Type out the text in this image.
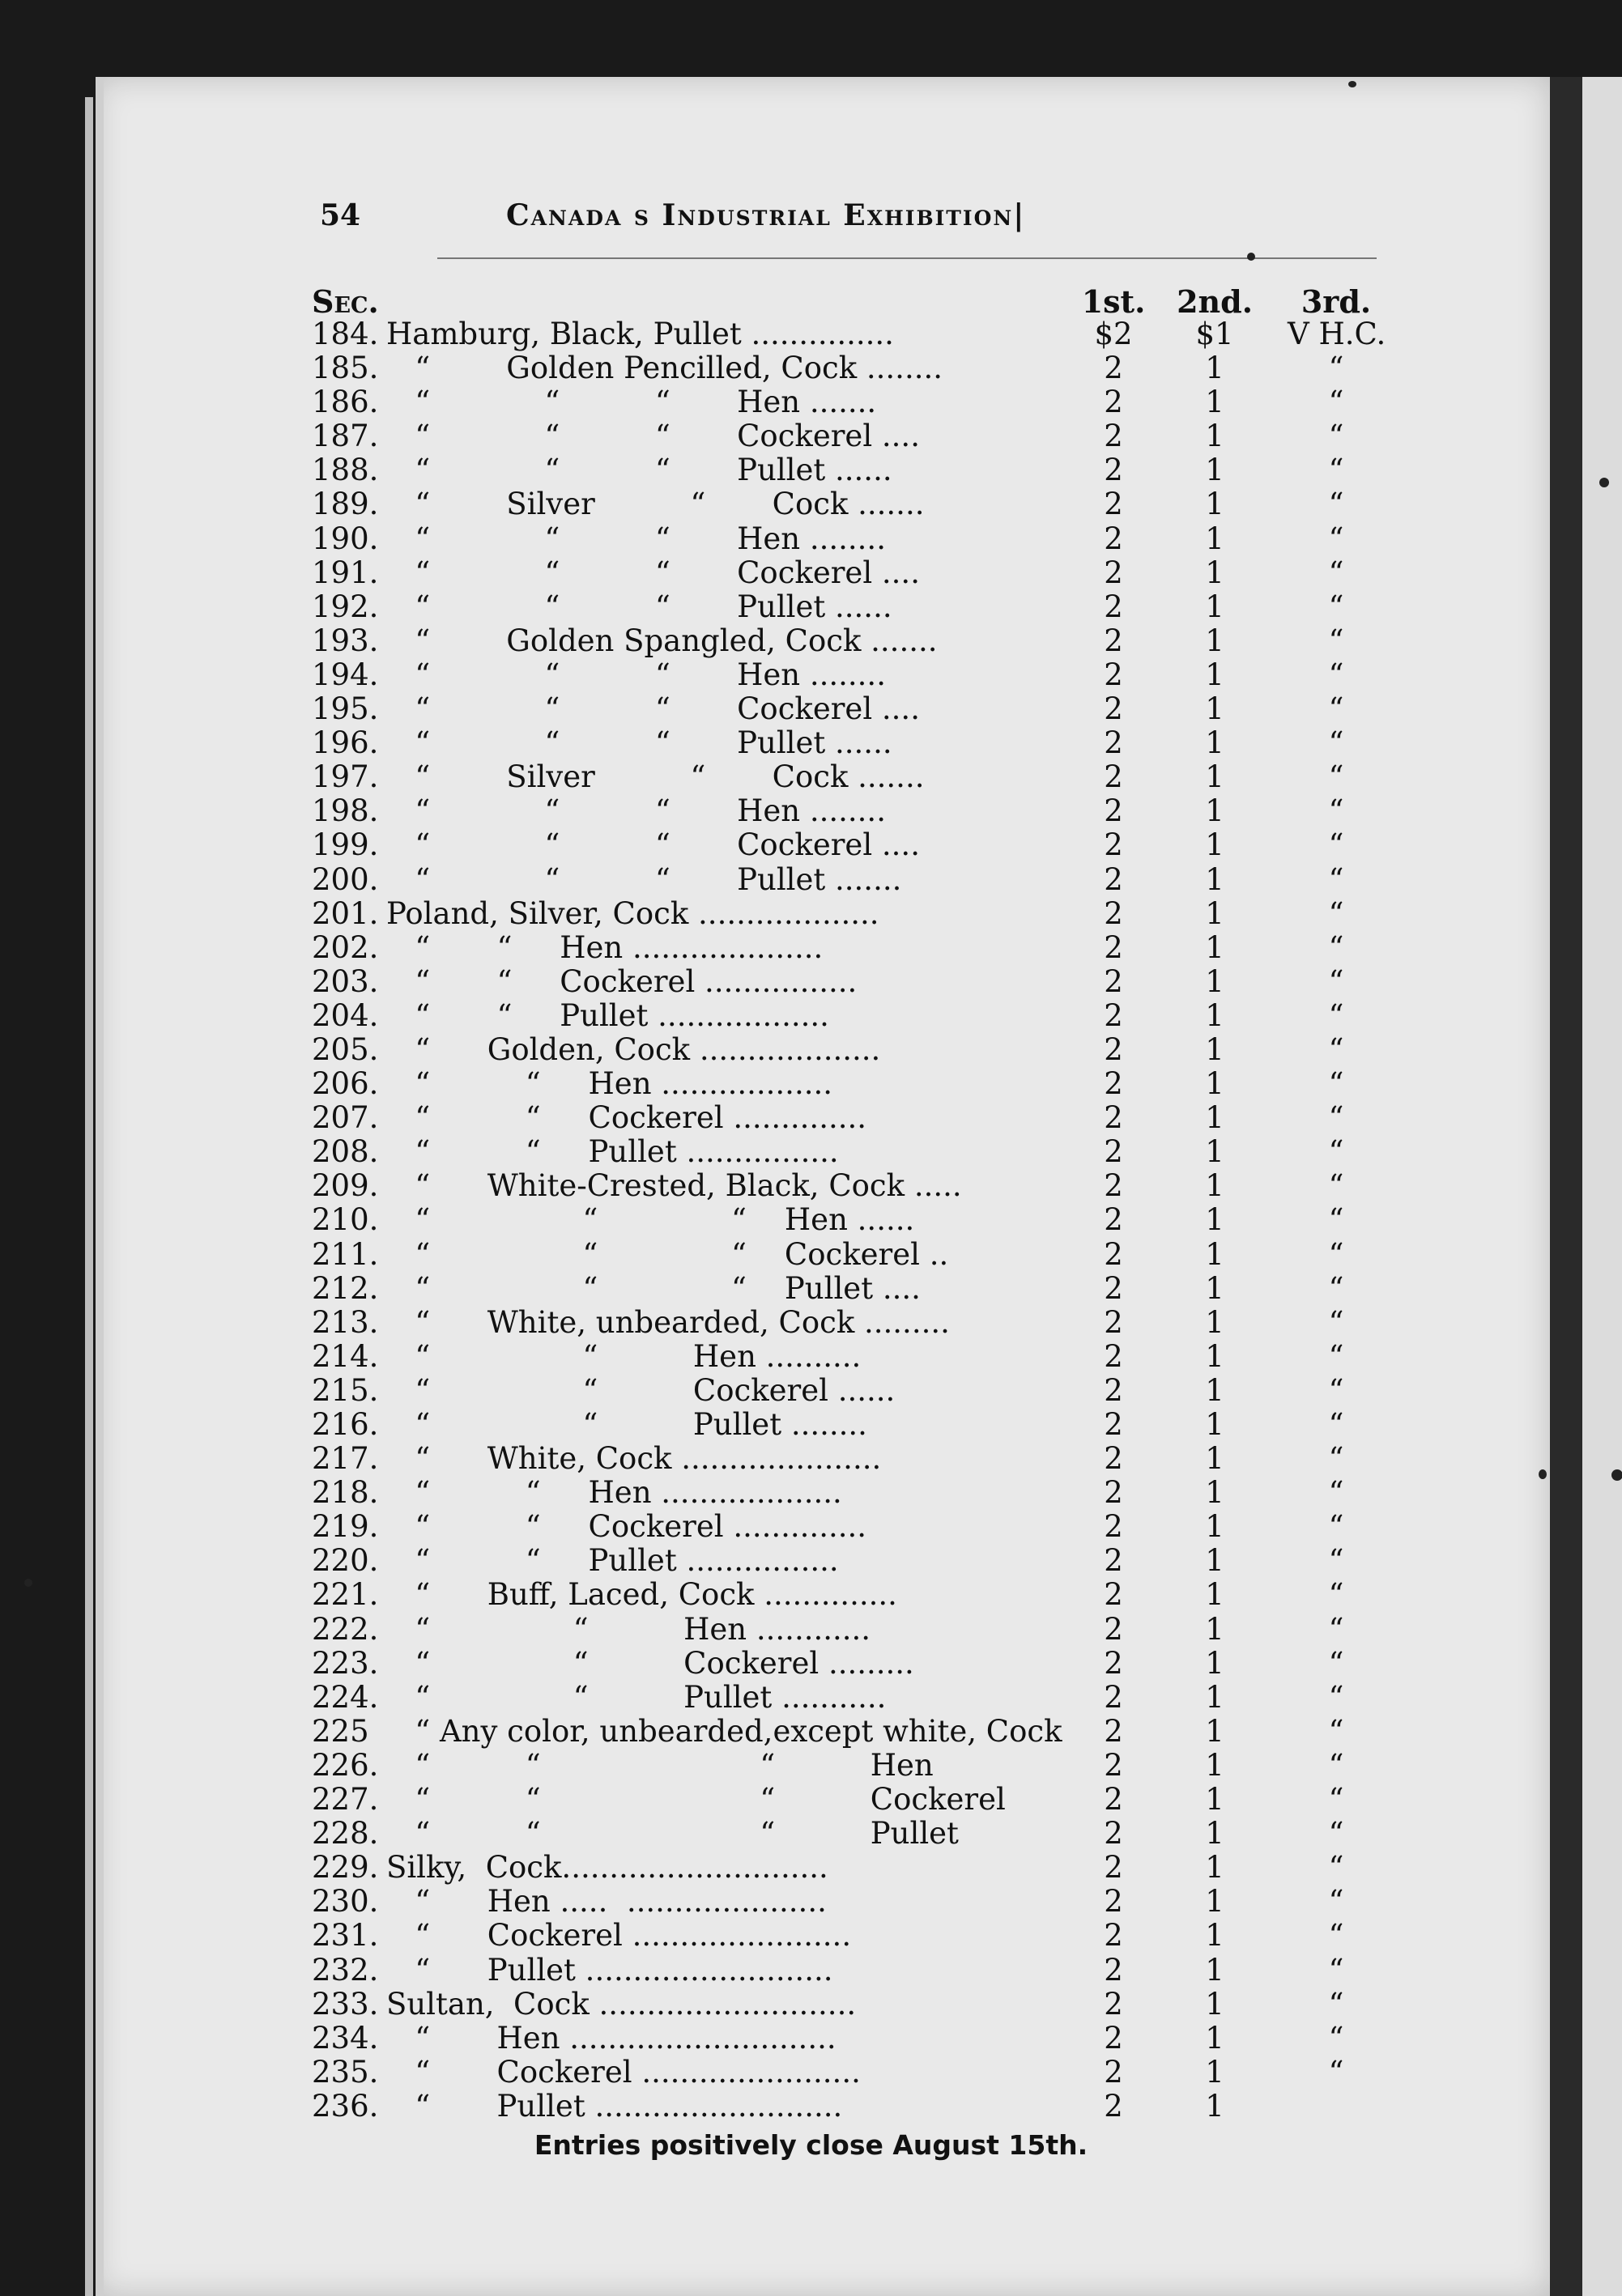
54	Canada s Industrial Exhibition|
Sec.	1st. 2nd.	3rd.
184. Hamburg, Black, Pullet ...............	$2	$1	V H.C.
185. “        Golden Pencilled, Cock ........	2	1	“
186. “            “          “       Hen .......	2	1	“
187. “            “          “       Cockerel ....	2	1	“
188. “            “          “       Pullet ......	2	1	“
189. “        Silver          “       Cock .......	2	1	“
190. “            “          “       Hen ........	2	1	“
191. “            “          “       Cockerel ....	2	1	“
192. “            “          “       Pullet ......	2	1	“
193. “        Golden Spangled, Cock .......	2	1	“
194. “            “          “       Hen ........	2	1	“
195. “            “          “       Cockerel ....	2	1	“
196. “            “          “       Pullet ......	2	1	“
197. “        Silver          “       Cock .......	2	1	“
198. “            “          “       Hen ........	2	1	“
199. “            “          “       Cockerel ....	2	1	“
200. “            “          “       Pullet .......	2	1	“
201. Poland, Silver, Cock ...................	2	1	“
202. “       “     Hen ....................	2	1	“
203. “       “     Cockerel ................	2	1	“
204. “       “     Pullet ..................	2	1	“
205. “      Golden, Cock ...................	2	1	“
206. “          “     Hen ..................	2	1	“
207. “          “     Cockerel ..............	2	1	“
208. “          “     Pullet ................	2	1	“
209. “      White-Crested, Black, Cock .....	2	1	“
210. “                “              “    Hen ......	2	1	“
211. “                “              “    Cockerel ..	2	1	“
212. “                “              “    Pullet ....	2	1	“
213. “      White, unbearded, Cock .........	2	1	“
214. “                “          Hen ..........	2	1	“
215. “                “          Cockerel ......	2	1	“
216. “                “          Pullet ........	2	1	“
217. “      White, Cock .....................	2	1	“
218. “          “     Hen ...................	2	1	“
219. “          “     Cockerel ..............	2	1	“
220. “          “     Pullet ................	2	1	“
221. “      Buff, Laced, Cock ..............	2	1	“
222. “               “          Hen ............	2	1	“
223. “               “          Cockerel .........	2	1	“
224. “               “          Pullet ...........	2	1	“
225 “ Any color, unbearded,except white, Cock	2	1	“
226. “          “                       “          Hen	2	1	“
227. “          “                       “          Cockerel	2	1	“
228. “          “                       “          Pullet	2	1	“
229. Silky,  Cock............................	2	1	“
230. “      Hen .....  .....................	2	1	“
231. “      Cockerel .......................	2	1	“
232. “      Pullet ..........................	2	1	“
233. Sultan,  Cock ...........................	2	1	“
234. “       Hen ............................	2	1	“
235. “       Cockerel .......................	2	1	“
236. “       Pullet ..........................	2	1
Entries positively close August 15th.
